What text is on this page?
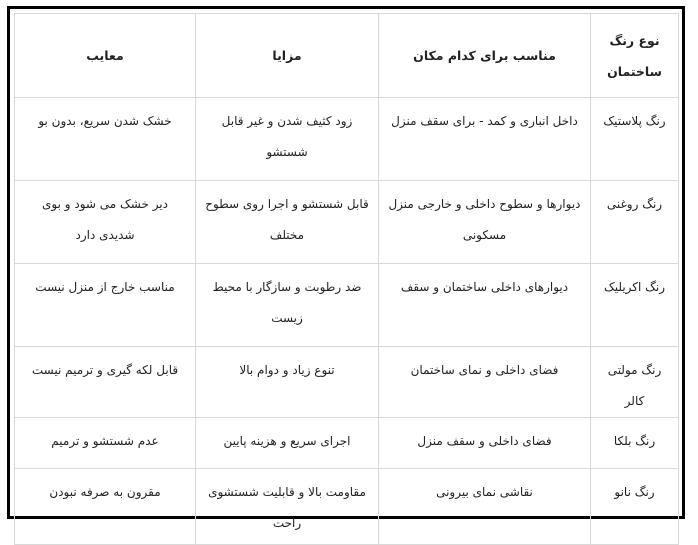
نوع رنگ ساختمان	مناسب برای کدام مکان	مزایا	معایب
رنگ پلاستیک	داخل انباری و کمد - برای سقف منزل	زود کثیف شدن و غیر قابل شستشو	خشک شدن سریع، بدون بو
رنگ روغنی	دیوارها و سطوح داخلی و خارجی منزل مسکونی	قابل شستشو و اجرا روی سطوح مختلف	دیر خشک می شود و بوی شدیدی دارد
رنگ اکریلیک	دیوارهای داخلی ساختمان و سقف	ضد رطوبت و سازگار با محیط زیست	مناسب خارج از منزل نیست
رنگ مولتی کالر	فضای داخلی و نمای ساختمان	تنوع زیاد و دوام بالا	قابل لکه گیری و ترمیم نیست
رنگ بلکا	فضای داخلی و سقف منزل	اجرای سریع و هزینه پایین	عدم شستشو و ترمیم
رنگ نانو	نقاشی نمای بیرونی	مقاومت بالا و قابلیت شستشوی راحت	مقرون به صرفه نبودن
